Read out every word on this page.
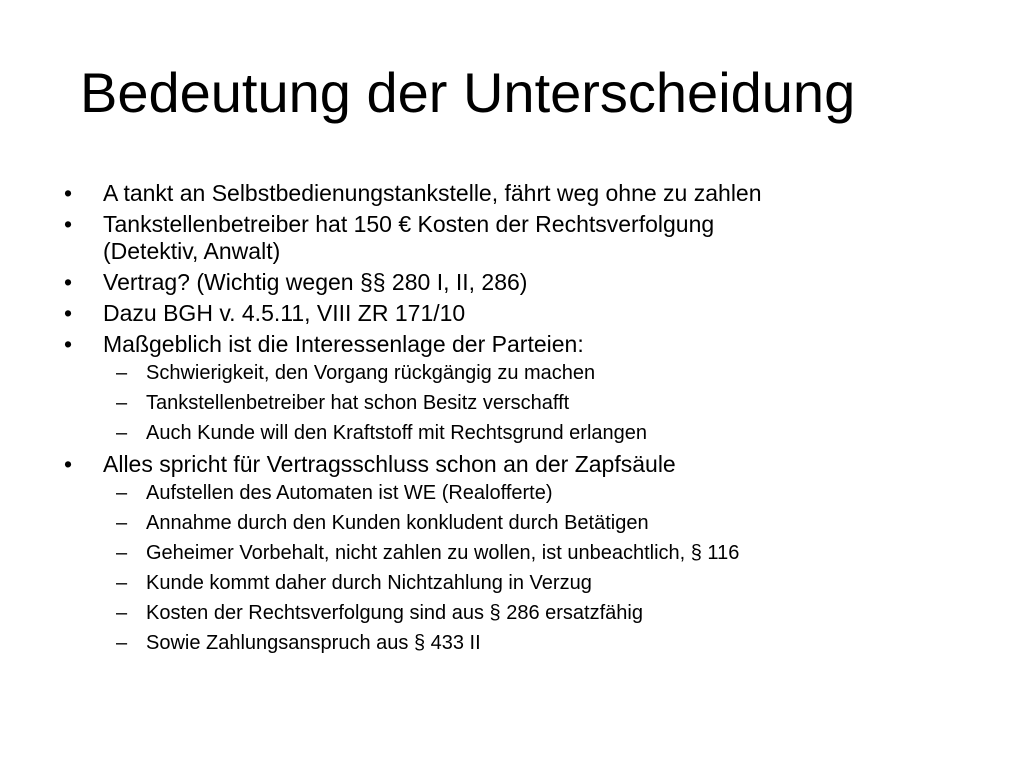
Bedeutung der Unterscheidung
• A tankt an Selbstbedienungstankstelle, fährt weg ohne zu zahlen
• Tankstellenbetreiber hat 150 € Kosten der Rechtsverfolgung
(Detektiv, Anwalt)
• Vertrag? (Wichtig wegen §§ 280 I, II, 286)
• Dazu BGH v. 4.5.11, VIII ZR 171/10
• Maßgeblich ist die Interessenlage der Parteien:
– Schwierigkeit, den Vorgang rückgängig zu machen
– Tankstellenbetreiber hat schon Besitz verschafft
– Auch Kunde will den Kraftstoff mit Rechtsgrund erlangen
• Alles spricht für Vertragsschluss schon an der Zapfsäule
– Aufstellen des Automaten ist WE (Realofferte)
– Annahme durch den Kunden konkludent durch Betätigen
– Geheimer Vorbehalt, nicht zahlen zu wollen, ist unbeachtlich, § 116
– Kunde kommt daher durch Nichtzahlung in Verzug
– Kosten der Rechtsverfolgung sind aus § 286 ersatzfähig
– Sowie Zahlungsanspruch aus § 433 II
